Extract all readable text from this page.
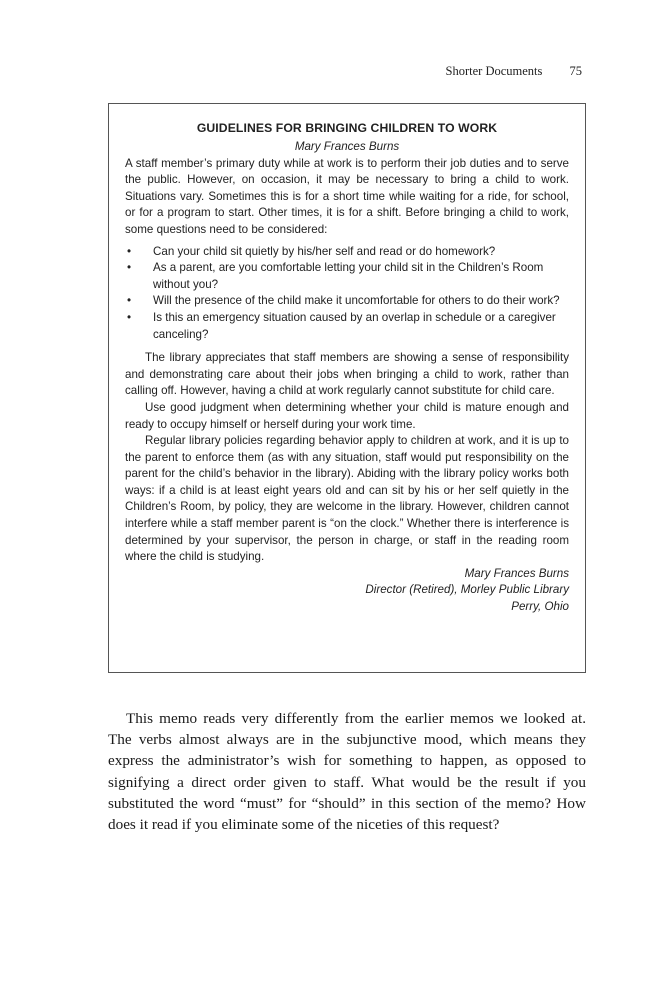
Shorter Documents 75
GUIDELINES FOR BRINGING CHILDREN TO WORK
Mary Frances Burns

A staff member’s primary duty while at work is to perform their job duties and to serve the public. However, on occasion, it may be necessary to bring a child to work. Situations vary. Sometimes this is for a short time while waiting for a ride, for school, or for a program to start. Other times, it is for a shift. Before bringing a child to work, some questions need to be considered:

• Can your child sit quietly by his/her self and read or do homework?
• As a parent, are you comfortable letting your child sit in the Children’s Room without you?
• Will the presence of the child make it uncomfortable for others to do their work?
• Is this an emergency situation caused by an overlap in schedule or a caregiver canceling?

The library appreciates that staff members are showing a sense of responsibility and demonstrating care about their jobs when bringing a child to work, rather than calling off. However, having a child at work regularly cannot substitute for child care.

Use good judgment when determining whether your child is mature enough and ready to occupy himself or herself during your work time.

Regular library policies regarding behavior apply to children at work, and it is up to the parent to enforce them (as with any situation, staff would put responsibility on the parent for the child’s behavior in the library). Abiding with the library policy works both ways: if a child is at least eight years old and can sit by his or her self quietly in the Children’s Room, by policy, they are welcome in the library. However, children cannot interfere while a staff member parent is “on the clock.” Whether there is interference is determined by your supervisor, the person in charge, or staff in the reading room where the child is studying.

Mary Frances Burns
Director (Retired), Morley Public Library
Perry, Ohio

This memo reads very differently from the earlier memos we looked at. The verbs almost always are in the subjunctive mood, which means they express the administrator’s wish for something to happen, as opposed to signifying a direct order given to staff. What would be the result if you substituted the word “must” for “should” in this section of the memo? How does it read if you eliminate some of the niceties of this request?
